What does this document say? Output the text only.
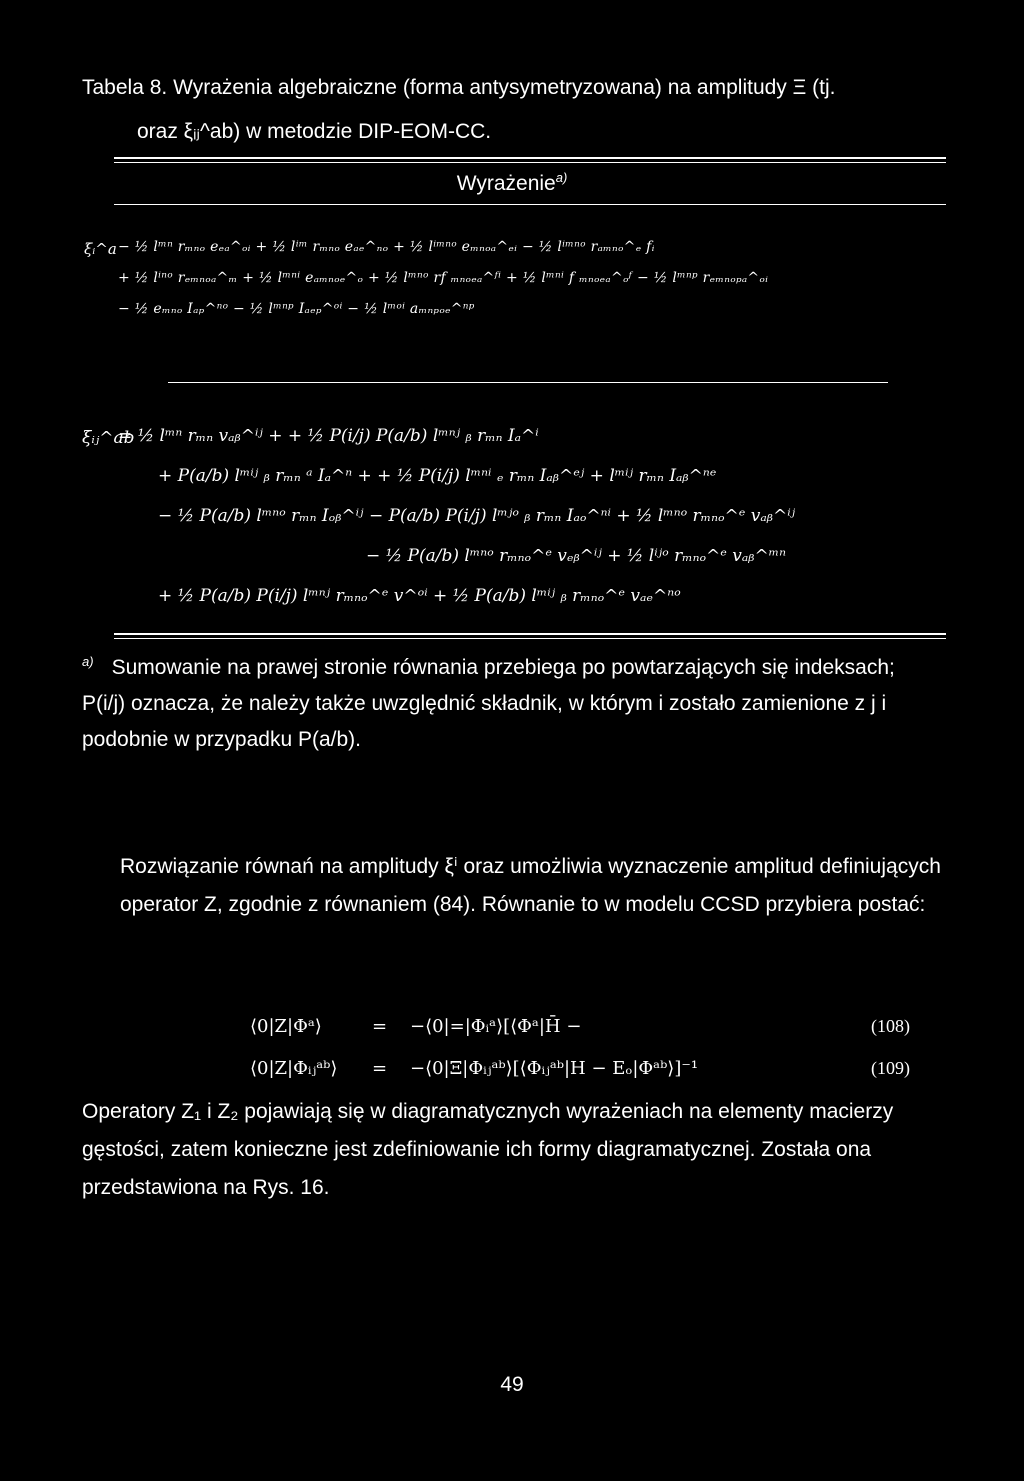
Tabela 8. Wyrażenia algebraiczne (forma antysymetryzowana) na amplitudy Ξ (tj.
oraz ξᵢⱼ^ab) w metodzie DIP-EOM-CC.
Wyrażenie$^{a)}$
ξᵢ^a − ½ lᵐⁿ rₘₙₒ eₑₐ^ₒᵢ + ½ lⁱᵐ rₘₙₒ eₐₑ^ₙₒ + ½ lⁱᵐⁿᵒ eₘₙₒₐ^ₑᵢ − ½ lⁱᵐⁿᵒ rₐₘₙₒ^ₑ fᵢ
+ ½ lⁱⁿᵒ rₑₘₙₒₐ^ₘ + ½ lᵐⁿⁱ eₐₘₙₒₑ^ₒ + ½ lᵐⁿᵒ rf ₘₙₒₑₐ^ᶠⁱ + ½ lᵐⁿⁱ f ₘₙₒₑₐ^ₒᶠ − ½ lᵐⁿᵖ rₑₘₙₒₚₐ^ₒᵢ
− ½ eₘₙₒ Iₐₚ^ⁿᵒ − ½ lᵐⁿᵖ Iₐₑₚ^ᵒⁱ − ½ lᵐᵒⁱ aₘₙₚₒₑ^ⁿᵖ
ξᵢⱼ^ab
= ½ lᵐⁿ rₘₙ vₐᵦ^ⁱʲ + + ½ P(i/j) P(a/b) lᵐⁿʲ ᵦ rₘₙ Iₐ^ⁱ
+ P(a/b) lᵐⁱʲ ᵦ rₘₙ ᵃ Iₐ^ⁿ + + ½ P(i/j) lᵐⁿⁱ ₑ rₘₙ Iₐᵦ^ᵉʲ + lᵐⁱʲ rₘₙ Iₐᵦ^ⁿᵉ
− ½ P(a/b) lᵐⁿᵒ rₘₙ Iₒᵦ^ⁱʲ − P(a/b) P(i/j) lᵐʲᵒ ᵦ rₘₙ Iₐₒ^ⁿⁱ + ½ lᵐⁿᵒ rₘₙₒ^ᵉ vₐᵦ^ⁱʲ
− ½ P(a/b) lᵐⁿᵒ rₘₙₒ^ᵉ vₑᵦ^ⁱʲ + ½ lⁱʲᵒ rₘₙₒ^ᵉ vₐᵦ^ᵐⁿ
+ ½ P(a/b) P(i/j) lᵐⁿʲ rₘₙₒ^ᵉ v^ᵒⁱ + ½ P(a/b) lᵐⁱʲ ᵦ rₘₙₒ^ᵉ vₐₑ^ⁿᵒ
$^{a)}$ Sumowanie na prawej stronie równania przebiega po powtarzających się indeksach; P(i/j) oznacza, że należy także uwzględnić składnik, w którym i zostało zamienione z j i podobnie w przypadku P(a/b).
Rozwiązanie równań na amplitudy ξⁱ oraz umożliwia wyznaczenie amplitud definiujących operator Z, zgodnie z równaniem (84). Równanie to w modelu CCSD przybiera postać:
⟨0|Z|Φᵃ⟩	= −⟨0|=|Φᵢᵃ⟩[⟨Φᵃ|H̄ −	(108)
⟨0|Z|Φᵢⱼᵃᵇ⟩ = −⟨0|Ξ|Φᵢⱼᵃᵇ⟩[⟨Φᵢⱼᵃᵇ|H − Eₒ|Φᵃᵇ⟩]⁻¹	(109)
Operatory Z₁ i Z₂ pojawiają się w diagramatycznych wyrażeniach na elementy macierzy gęstości, zatem konieczne jest zdefiniowanie ich formy diagramatycznej. Została ona przedstawiona na Rys. 16.
49
